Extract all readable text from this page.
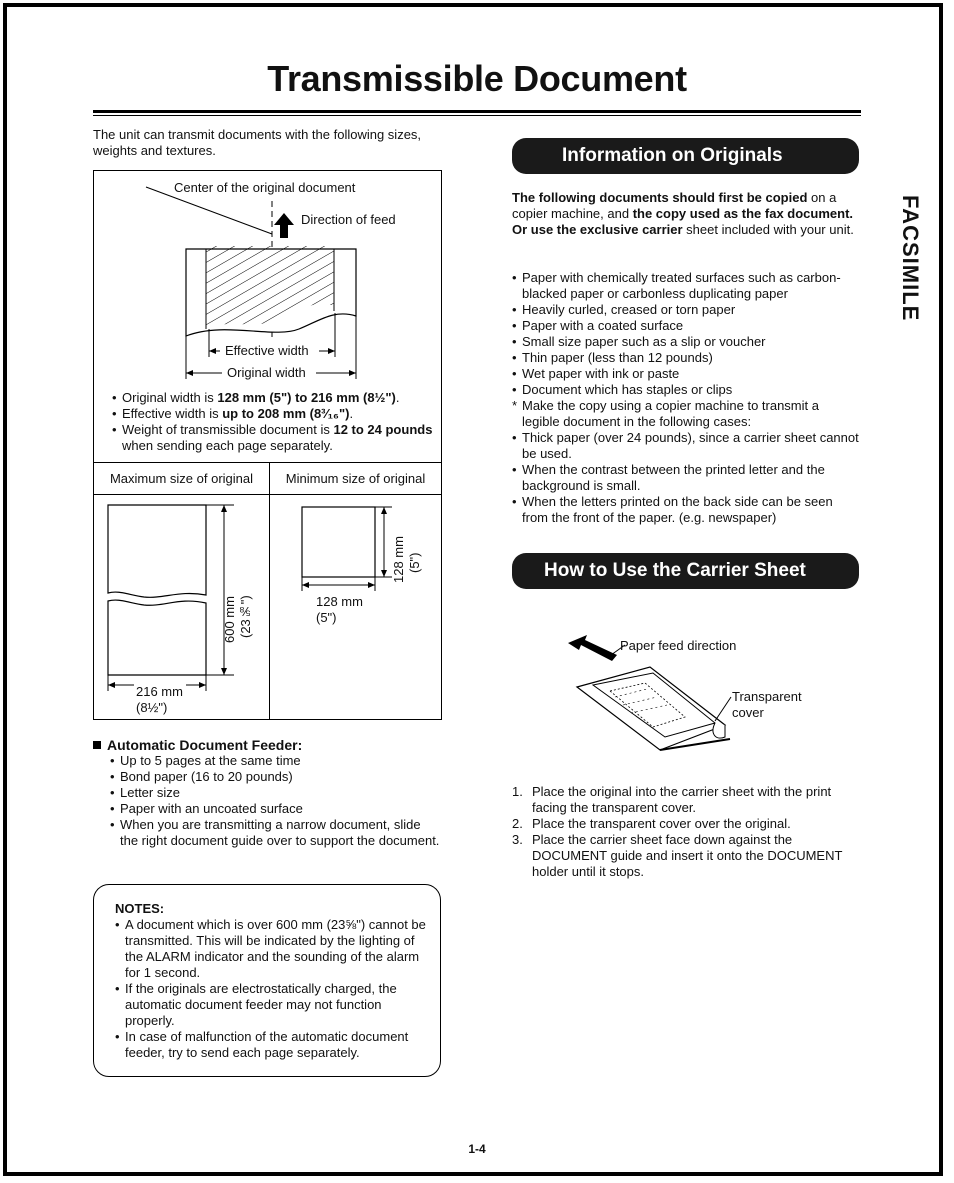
Transmissible Document
FACSIMILE
The unit can transmit documents with the following sizes, weights and textures.
Center of the original document
Direction of feed
Effective width
Original width
• Original width is 128 mm (5") to 216 mm (8½").
• Effective width is up to 208 mm (8³⁄₁₆").
• Weight of transmissible document is 12 to 24 pounds when sending each page separately.
Maximum size of original	Minimum size of original
600 mm (23⅝")
216 mm
(8½")
128 mm (5")
128 mm
(5")
Automatic Document Feeder:
• Up to 5 pages at the same time
• Bond paper (16 to 20 pounds)
• Letter size
• Paper with an uncoated surface
• When you are transmitting a narrow document, slide the right document guide over to support the document.
NOTES:
• A document which is over 600 mm (23⅝") cannot be transmitted. This will be indicated by the lighting of the ALARM indicator and the sounding of the alarm for 1 second.
• If the originals are electrostatically charged, the automatic document feeder may not function properly.
• In case of malfunction of the automatic document feeder, try to send each page separately.
Information on Originals
The following documents should first be copied on a copier machine, and the copy used as the fax document. Or use the exclusive carrier sheet included with your unit.
• Paper with chemically treated surfaces such as carbon-blacked paper or carbonless duplicating paper
• Heavily curled, creased or torn paper
• Paper with a coated surface
• Small size paper such as a slip or voucher
• Thin paper (less than 12 pounds)
• Wet paper with ink or paste
• Document which has staples or clips
* Make the copy using a copier machine to transmit a legible document in the following cases:
• Thick paper (over 24 pounds), since a carrier sheet cannot be used.
• When the contrast between the printed letter and the background is small.
• When the letters printed on the back side can be seen from the front of the paper. (e.g. newspaper)
How to Use the Carrier Sheet
Paper feed direction
Transparent
cover
1. Place the original into the carrier sheet with the print facing the transparent cover.
2. Place the transparent cover over the original.
3. Place the carrier sheet face down against the DOCUMENT guide and insert it onto the DOCUMENT holder until it stops.
1-4
